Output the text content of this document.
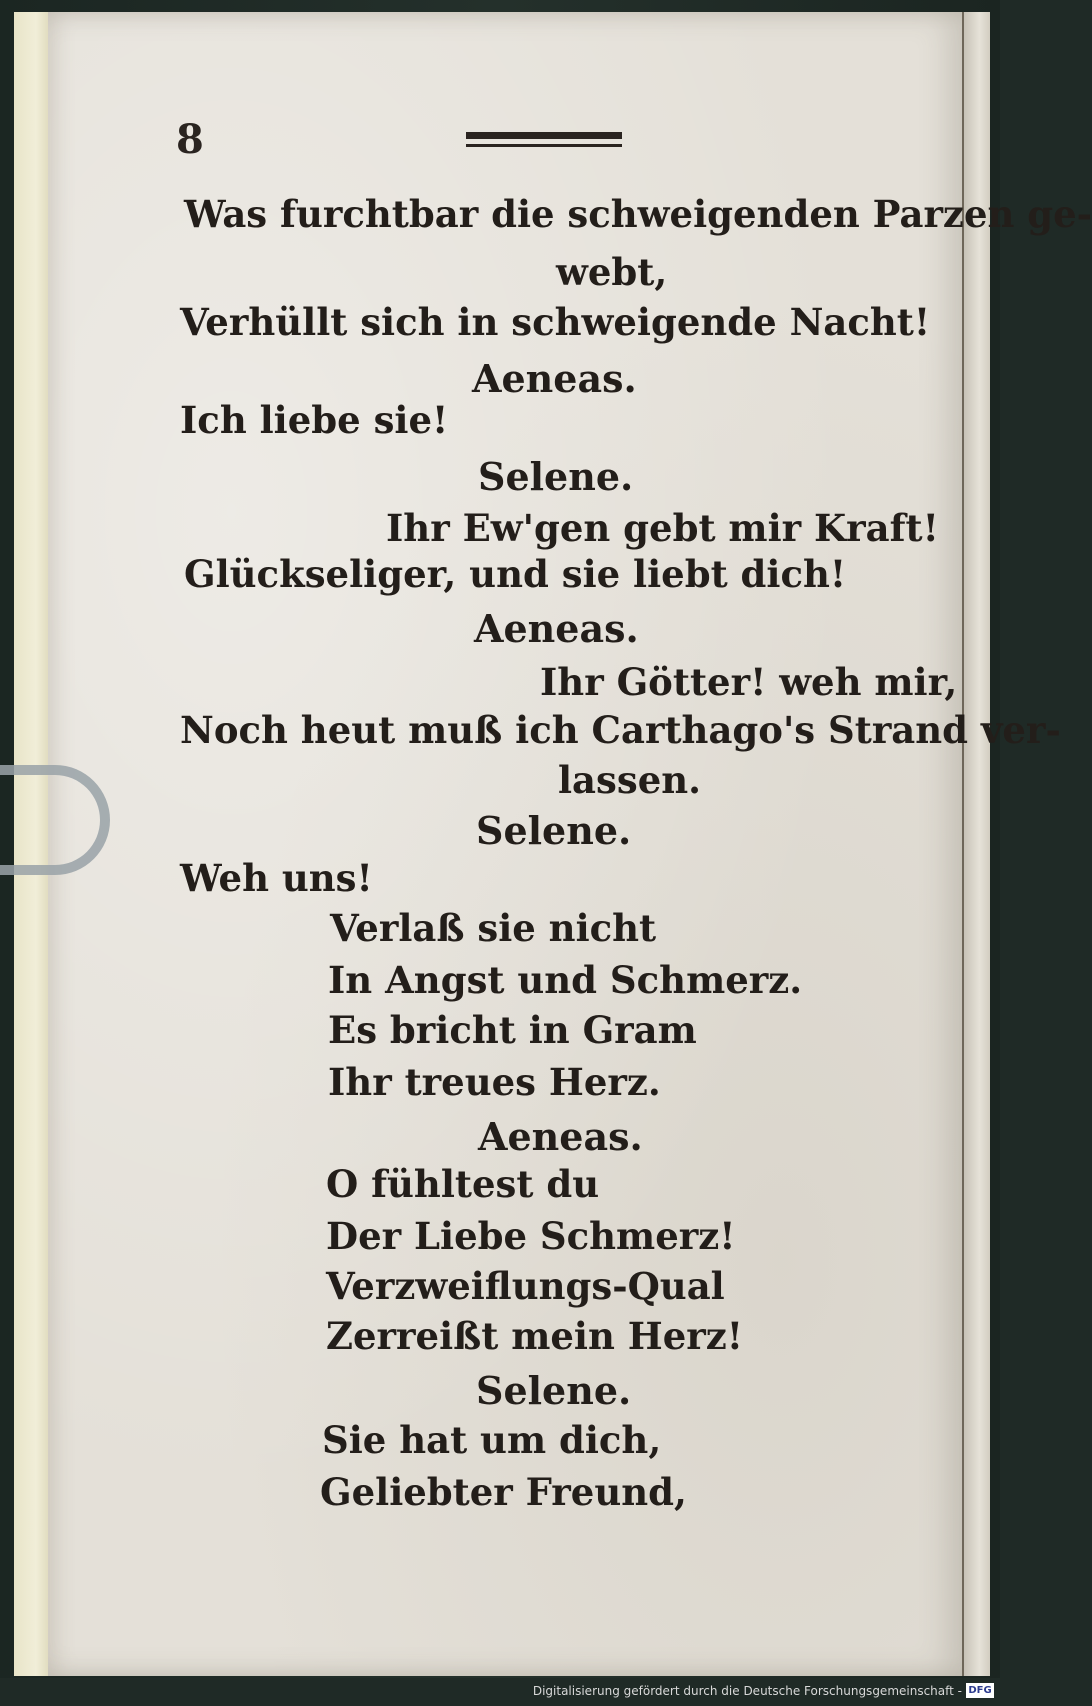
8
Was furchtbar die schweigenden Parzen ge-
webt,
Verhüllt sich in schweigende Nacht!
Aeneas.
Ich liebe sie!
Selene.
Ihr Ew'gen gebt mir Kraft!
Glückseliger, und sie liebt dich!
Aeneas.
Ihr Götter! weh mir,
Noch heut muß ich Carthago's Strand ver-
lassen.
Selene.
Weh uns!
Verlaß sie nicht
In Angst und Schmerz.
Es bricht in Gram
Ihr treues Herz.
Aeneas.
O fühltest du
Der Liebe Schmerz!
Verzweiflungs-Qual
Zerreißt mein Herz!
Selene.
Sie hat um dich,
Geliebter Freund,
Digitalisierung gefördert durch die Deutsche Forschungsgemeinschaft - DFG
